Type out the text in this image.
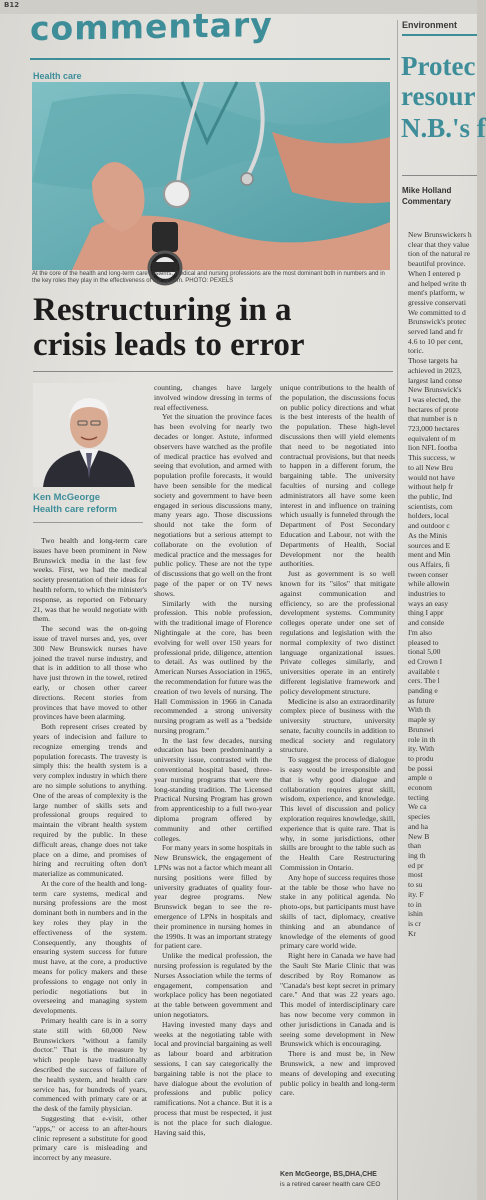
B12 commentary
Health care
At the core of the health and long-term care systems, medical and nursing professions are the most dominant both in numbers and in the key roles they play in the effectiveness of the system. PHOTO: PEXELS
Restructuring in a
crisis leads to error
Ken McGeorge
Health care reform

Two health and long-term care issues have been prominent in New Brunswick media in the last few weeks. First, we had the medical society presentation of their ideas for health reform, to which the minister's response, as reported on February 21, was that he would negotiate with them.

The second was the on-going issue of travel nurses and, yes, over 300 New Brunswick nurses have joined the travel nurse industry, and that is in addition to all those who have just thrown in the towel, retired early, or chosen other career directions. Recent stories from provinces that have moved to other provinces have been alarming.

Both represent crises created by years of indecision and failure to recognize emerging trends and population forecasts. The travesty is simply this: the health system is a very complex industry in which there are no simple solutions to anything. One of the areas of complexity is the large number of skills sets and professional groups required to maintain the vibrant health system required by the public. In these difficult areas, change does not take place on a dime, and promises of hiring and recruiting often don't materialize as communicated.

At the core of the health and long-term care systems, medical and nursing professions are the most dominant both in numbers and in the key roles they play in the effectiveness of the system. Consequently, any thoughts of ensuring system success for future must have, at the core, a productive means for policy makers and these professions to engage not only in periodic negotiations but in overseeing and managing system developments.

Primary health care is in a sorry state still with 60,000 New Brunswickers "without a family doctor." That is the measure by which people have traditionally described the success of failure of the health system, and health care service has, for hundreds of years, commenced with primary care or at the desk of the family physician.

Suggesting that e-visit, other "apps," or access to an after-hours clinic represent a substitute for good primary care is misleading and incorrect by any measure.

counting, changes have largely involved window dressing in terms of real effectiveness.

Yet the situation the province faces has been evolving for nearly two decades or longer. Astute, informed observers have watched as the profile of medical practice has evolved and seeing that evolution, and armed with population profile forecasts, it would have been sensible for the medical society and government to have been engaged in serious discussions many, many years ago. Those discussions should not take the form of negotiations but a serious attempt to collaborate on the evolution of medical practice and the messages for public policy. These are not the type of discussions that go well on the front page of the paper or on TV news shows.

Similarly with the nursing profession. This noble profession, with the traditional image of Florence Nightingale at the core, has been evolving for well over 150 years for professional pride, diligence, attention to detail. As was outlined by the American Nurses Association in 1965, the recommendation for future was the creation of two levels of nursing. The Hall Commission in 1966 in Canada recommended a strong university nursing program as well as a "bedside nursing program."

In the last few decades, nursing education has been predominantly a university issue, contrasted with the conventional hospital based, three-year nursing programs that were the long-standing tradition. The Licensed Practical Nursing Program has grown from apprenticeship to a full two-year diploma program offered by community and other certified colleges.

For many years in some hospitals in New Brunswick, the engagement of LPNs was not a factor which meant all nursing positions were filled by university graduates of quality four-year degree programs. New Brunswick began to see the re-emergence of LPNs in hospitals and their prominence in nursing homes in the 1990s. It was an important strategy for patient care.

Unlike the medical profession, the nursing profession is regulated by the Nurses Association while the terms of engagement, compensation and workplace policy has been negotiated at the table between government and union negotiators.

Having invested many days and weeks at the negotiating table with local and provincial bargaining as well as labour board and arbitration sessions, I can say categorically the bargaining table is not the place to have dialogue about the evolution of professions and public policy ramifications. Not a chance. But it is a process that must be respected, it just is not the place for such dialogue. Having said this,

unique contributions to the health of the population, the discussions focus on public policy directions and what is the best interests of the health of the population. These high-level discussions then will yield elements that need to be negotiated into contractual provisions, but that needs to happen in a different forum, the bargaining table. The university faculties of nursing and college administrators all have some keen interest in and influence on training which usually is funneled through the Department of Post Secondary Education and Labour, not with the Departments of Health, Social Development nor the health authorities.

Just as government is so well known for its "silos" that mitigate against communication and efficiency, so are the professional development systems. Community colleges operate under one set of regulations and legislation with the normal complexity of two distinct language organizational issues. Private colleges similarly, and universities operate in an entirely different legislative framework and policy development structure.

Medicine is also an extraordinarily complex piece of business with the university structure, university senate, faculty councils in addition to medical society and regulatory structure.

To suggest the process of dialogue is easy would be irresponsible and that is why good dialogue and collaboration requires great skill, wisdom, experience, and knowledge. This level of discussion and policy exploration requires knowledge, skill, experience that is quite rare. That is why, in some jurisdictions, other skills are brought to the table such as the Health Care Restructuring Commission in Ontario.

Any hope of success requires those at the table be those who have no stake in any political agenda. No photo-ops, but participants must have skills of tact, diplomacy, creative thinking and an abundance of knowledge of the elements of good primary care world wide.

Right here in Canada we have had the Sault Ste Marie Clinic that was described by Roy Romanow as "Canada's best kept secret in primary care." And that was 22 years ago. This model of interdisciplinary care has now become very common in other jurisdictions in Canada and is seeing some development in New Brunswick which is encouraging.

There is and must be, in New Brunswick, a new and improved means of developing and executing public policy in health and long-term care.

Ken McGeorge, BS,DHA,CHE
is a retired career health care CEO
Environment
Protec
resour
N.B.'s f
Mike Holland
Commentary

New Brunswickers h

clear that they value

tion of the natural re

beautiful province.

When I entered p

and helped write th

ment's platform, w

gressive conservati

We committed to d

Brunswick's protec

served land and fr

4.6 to 10 per cent,

toric.

Those targets ha

achieved in 2023,

largest land conse

New Brunswick's

I was elected, the

hectares of prote

that number is n

723,000 hectares

equivalent of m

lion NFL footba

This success, w

to all New Bru

would not have

without help fr

the public, Ind

scientists, com

holders, local

and outdoor c

As the Minis

sources and E

ment and Min

ous Affairs, fi

tween conser

while allowin

industries to

ways an easy

thing I appr

and conside

I'm also

pleased to

tional 5,00

ed Crown I

available t

cers. The l

panding e

as future

With th

maple sy

Brunswi

role in th

ity. With

to produ

be possi

ample o

econom

tecting

We ca

species

and ha

New B

than

ing th

ed pr

most

to su

ity. F

to in

ishin

is cr

Kr
